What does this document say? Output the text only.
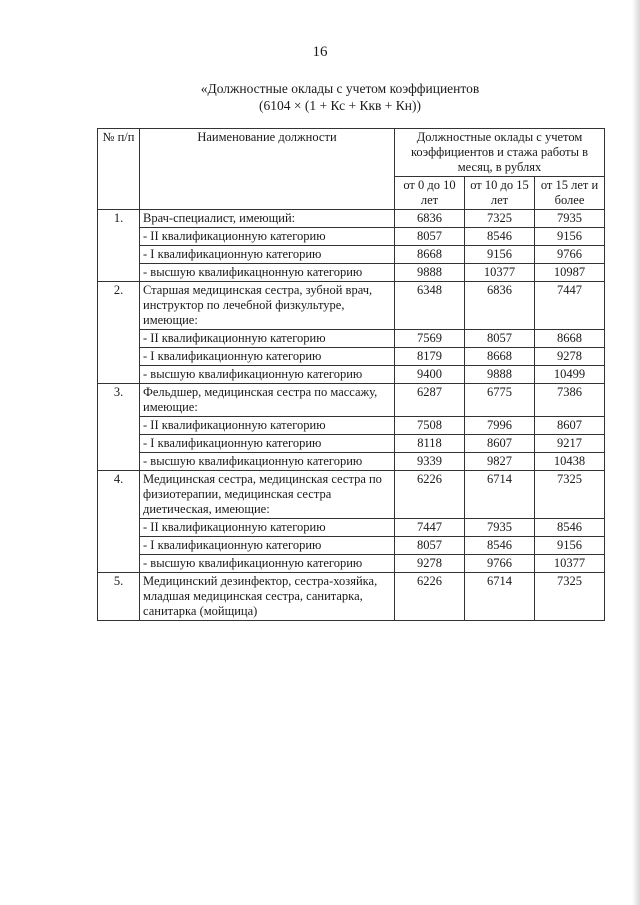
16
«Должностные оклады с учетом коэффициентов
(6104 × (1 + Кс + Ккв + Кн))
№ п/п	Наименование должности	Должностные оклады с учетом коэффициентов и стажа работы в месяц, в рублях		
		от 0 до 10 лет	от 10 до 15 лет	от 15 лет и более
1.	Врач-специалист, имеющий:	6836	7325	7935
	- II квалификационную категорию	8057	8546	9156
	- I квалификационную категорию	8668	9156	9766
	- высшую квалификацнонную категорию	9888	10377	10987
2.	Старшая медицинская сестра, зубной врач, инструктор по лечебной физкультуре, имеющие:	6348	6836	7447
	- II квалификационную категорию	7569	8057	8668
	- I квалификационную категорию	8179	8668	9278
	- высшую квалификационную категорию	9400	9888	10499
3.	Фельдшер, медицинская сестра по массажу, имеющие:	6287	6775	7386
	- II квалификационную категорию	7508	7996	8607
	- I квалификационную категорию	8118	8607	9217
	- высшую квалификационную категорию	9339	9827	10438
4.	Медицинская сестра, медицинская сестра по физиотерапии, медицинская сестра диетическая, имеющие:	6226	6714	7325
	- II квалификационную категорию	7447	7935	8546
	- I квалификационную категорию	8057	8546	9156
	- высшую квалификационную категорию	9278	9766	10377
5.	Медицинский дезинфектор, сестра-хозяйка, младшая медицинская сестра, санитарка, санитарка (мойщица)	6226	6714	7325
